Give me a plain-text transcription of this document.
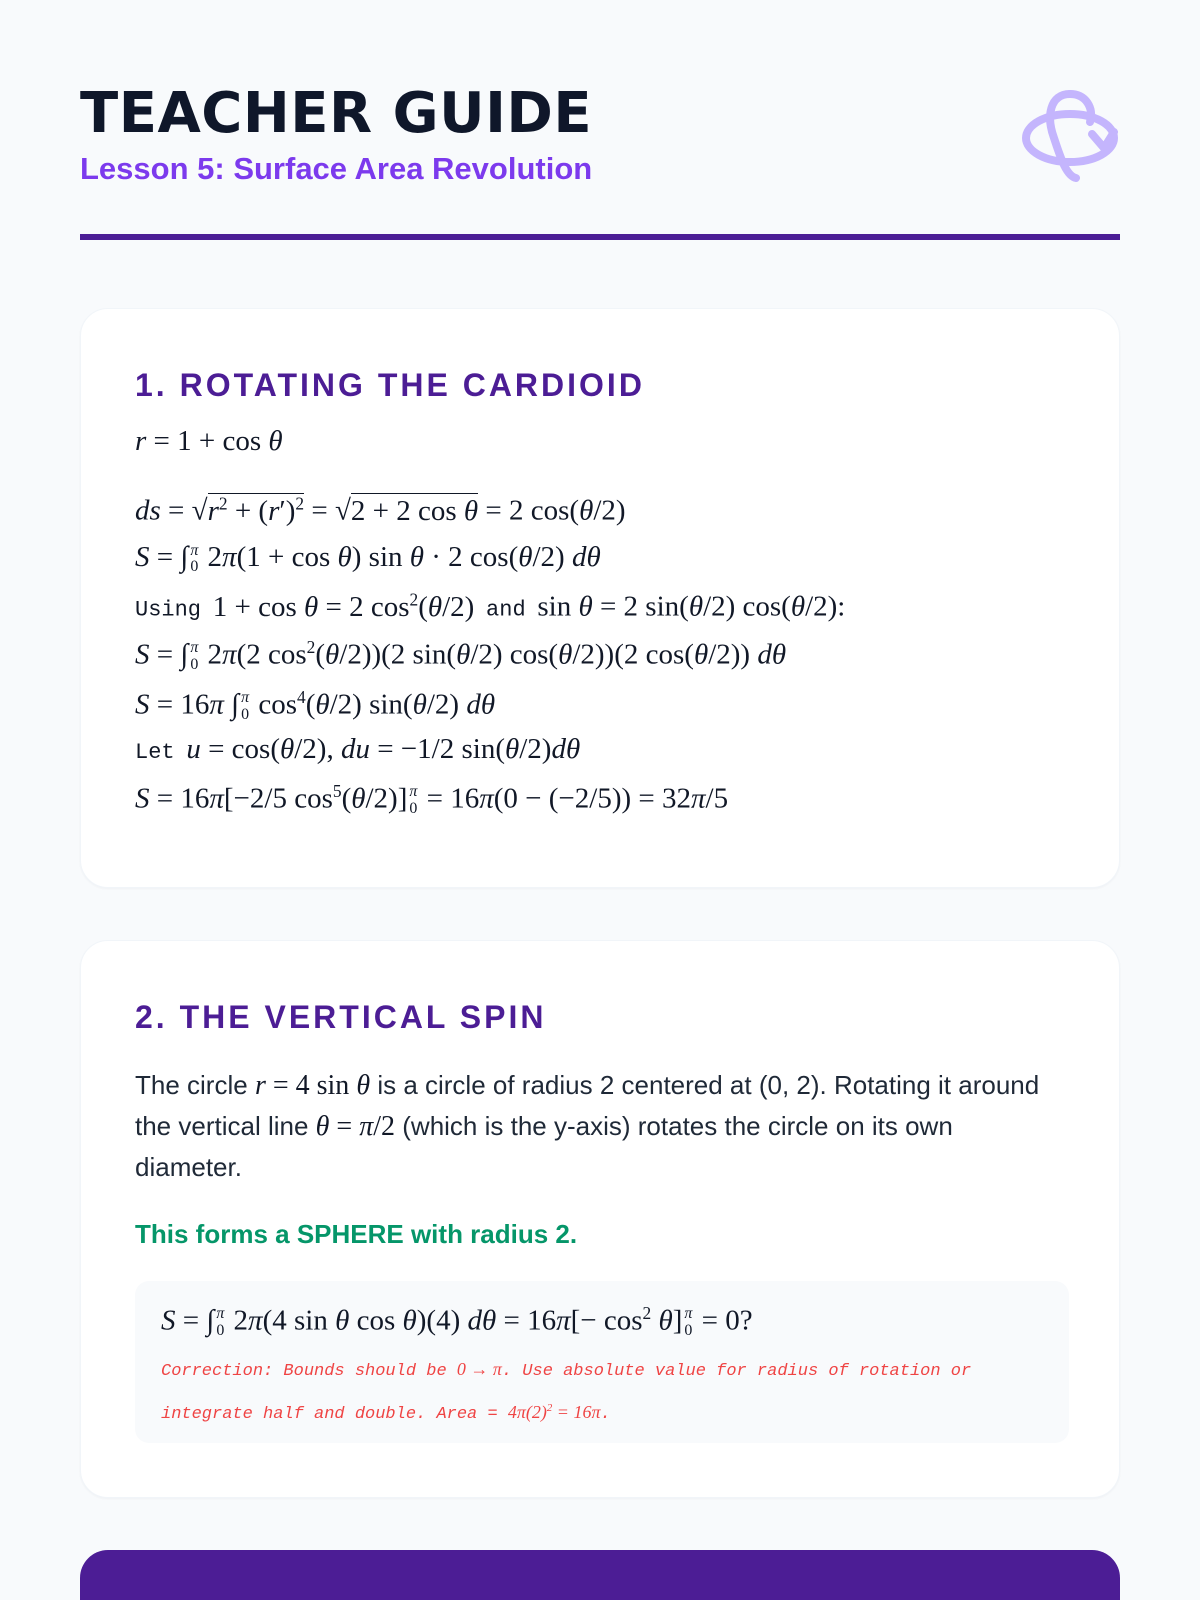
TEACHER GUIDE
Lesson 5: Surface Area Revolution
1. ROTATING THE CARDIOID
r = 1 + cos θ
ds = $√r^2 + (r')^2 = √2 + 2$ cos θ = 2 cos(θ/2)
S = ∫ π
0 2π(1 + cos θ) sin θ · 2 cos(θ/2) dθ
Using  1 + cos θ = 2 $\cos^2(\theta/2)$  and  sin θ = 2 sin(θ/2) cos(θ/2):
S = ∫ π
0 2π(2 $\cos^2(\theta/2))(2$ sin(θ/2) cos(θ/2))(2 cos(θ/2)) dθ
S = 16π ∫ π
0 $\cos^4(\theta/2)$ sin(θ/2) dθ
Let u = cos(θ/2), du = −1/2 sin(θ/2)dθ
S = 16π[−2/5 $\cos^5(\theta/2)$] π
0 = 16π(0 − (−2/5)) = 32π/5
2. THE VERTICAL SPIN
The circle r = 4 sin θ is a circle of radius 2 centered at (0, 2). Rotating it around the vertical line θ = π/2 (which is the y-axis) rotates the circle on its own diameter.
This forms a SPHERE with radius 2.
S = ∫ π
0 2π(4 sin θ cos θ)(4) $d\theta = 16\pi[- \cos^2 \theta]$ π
0 = 0?
Correction: Bounds should be 0 → π. Use absolute value for radius of rotation or integrate half and double. Area = $4\pi(2)^2 = 16\pi$.
